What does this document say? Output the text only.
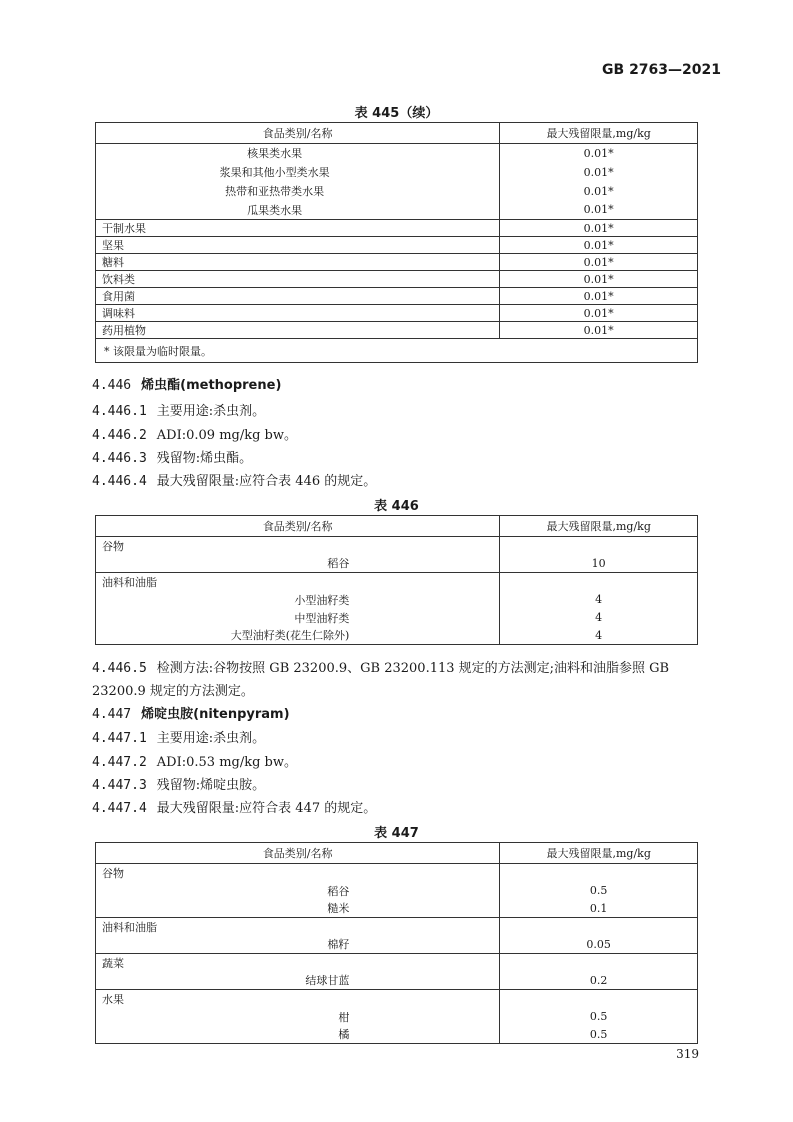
GB 2763—2021
表 445（续）
食品类别/名称	最大残留限量,mg/kg
核果类水果	0.01*
浆果和其他小型类水果	0.01*
热带和亚热带类水果	0.01*
瓜果类水果	0.01*
干制水果	0.01*
坚果	0.01*
糖料	0.01*
饮料类	0.01*
食用菌	0.01*
调味料	0.01*
药用植物	0.01*
* 该限量为临时限量。	
4.446 烯虫酯(methoprene)
4.446.1 主要用途:杀虫剂。
4.446.2 ADI:0.09 mg/kg bw。
4.446.3 残留物:烯虫酯。
4.446.4 最大残留限量:应符合表 446 的规定。
表 446
食品类别/名称	最大残留限量,mg/kg
谷物	
稻谷	10
油料和油脂	
小型油籽类	4
中型油籽类	4
大型油籽类(花生仁除外)	4
4.446.5 检测方法:谷物按照 GB 23200.9、GB 23200.113 规定的方法测定;油料和油脂参照 GB
23200.9 规定的方法测定。
4.447 烯啶虫胺(nitenpyram)
4.447.1 主要用途:杀虫剂。
4.447.2 ADI:0.53 mg/kg bw。
4.447.3 残留物:烯啶虫胺。
4.447.4 最大残留限量:应符合表 447 的规定。
表 447
食品类别/名称	最大残留限量,mg/kg
谷物	
稻谷	0.5
糙米	0.1
油料和油脂	
棉籽	0.05
蔬菜	
结球甘蓝	0.2
水果	
柑	0.5
橘	0.5
319
